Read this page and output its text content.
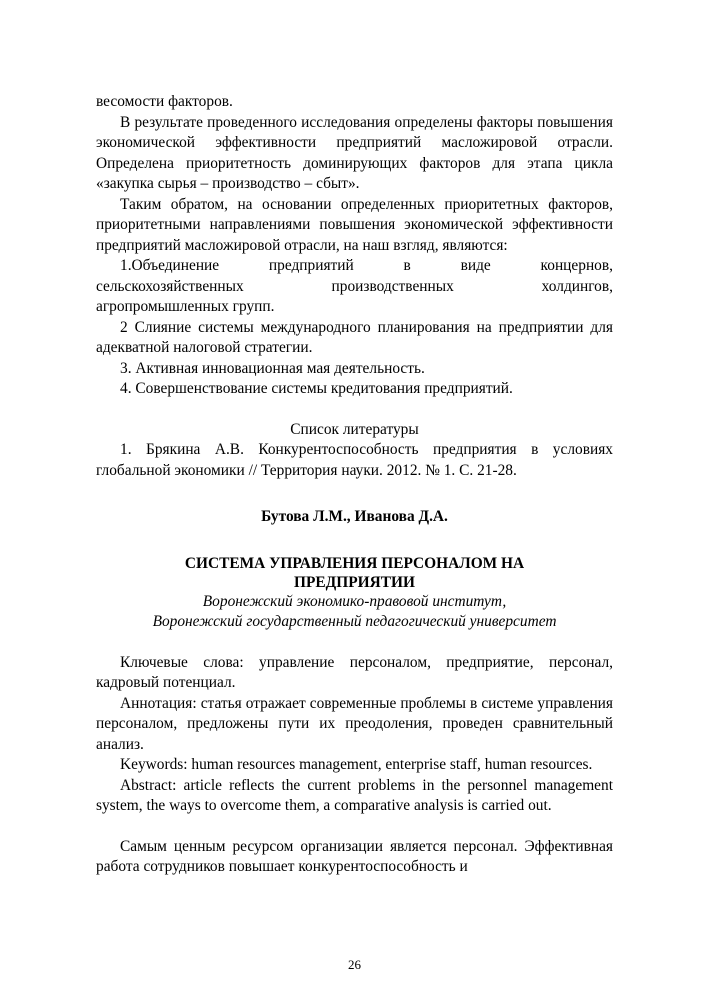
весомости факторов.

В результате проведенного исследования определены факторы повышения экономической эффективности предприятий масложировой отрасли. Определена приоритетность доминирующих факторов для этапа цикла «закупка сырья – производство – сбыт».

Таким обратом, на основании определенных приоритетных факторов, приоритетными направлениями повышения экономической эффективности предприятий масложировой отрасли, на наш взгляд, являются:

1.Объединение предприятий в виде концернов,

сельскохозяйственных производственных холдингов,

агропромышленных групп.

2 Слияние системы международного планирования на предприятии для адекватной налоговой стратегии.

3. Активная инновационная мая деятельность.

4. Совершенствование системы кредитования предприятий.

Список литературы

1. Брякина А.В. Конкурентоспособность предприятия в условиях глобальной экономики // Территория науки. 2012. № 1. С. 21-28.

Бутова Л.М., Иванова Д.А.

СИСТЕМА УПРАВЛЕНИЯ ПЕРСОНАЛОМ НА ПРЕДПРИЯТИИ

Воронежский экономико-правовой институт,

Воронежский государственный педагогический университет

Ключевые слова: управление персоналом, предприятие, персонал, кадровый потенциал.

Аннотация: статья отражает современные проблемы в системе управления персоналом, предложены пути их преодоления, проведен сравнительный анализ.

Keywords: human resources management, enterprise staff, human resources.

Abstract: article reflects the current problems in the personnel management system, the ways to overcome them, a comparative analysis is carried out.

Самым ценным ресурсом организации является персонал. Эффективная работа сотрудников повышает конкурентоспособность и

26
